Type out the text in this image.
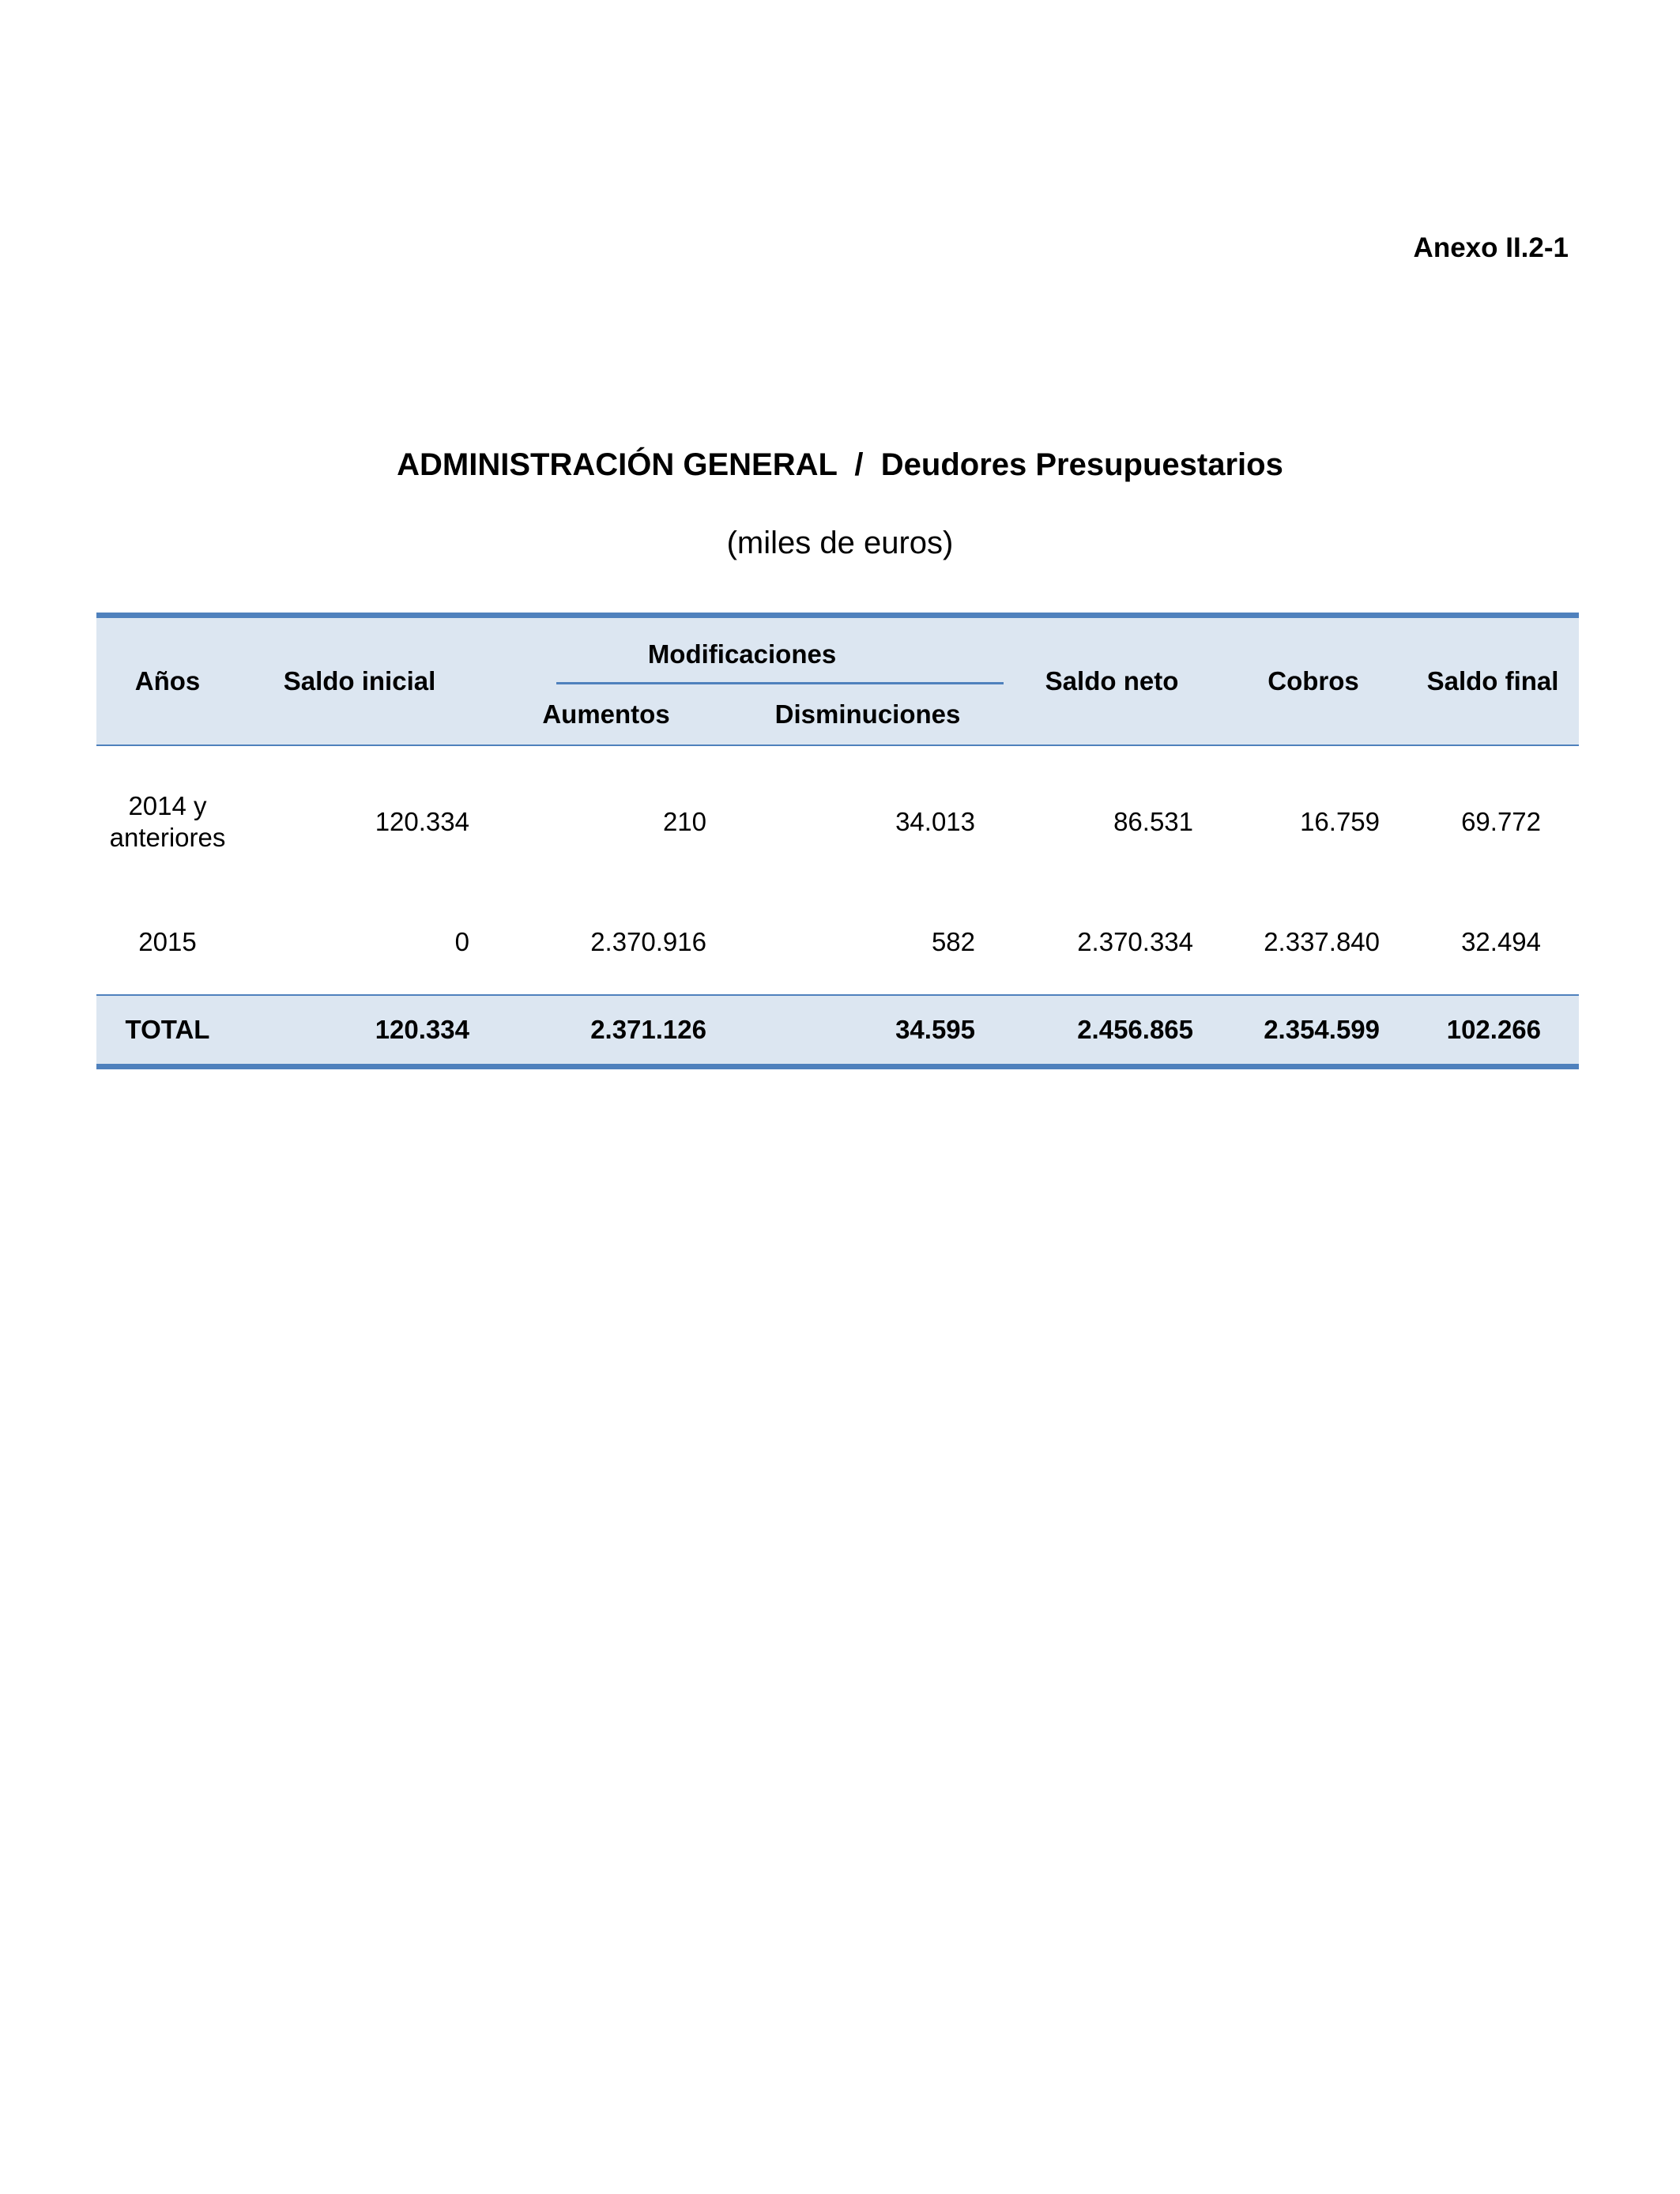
Anexo II.2-1
ADMINISTRACIÓN GENERAL  /  Deudores Presupuestarios
(miles de euros)
Años	Saldo inicial	Modificaciones		Saldo neto	Cobros	Saldo final
		Aumentos	Disminuciones			
2014 y
anteriores	120.334	210	34.013	86.531	16.759	69.772
2015	0	2.370.916	582	2.370.334	2.337.840	32.494
TOTAL	120.334	2.371.126	34.595	2.456.865	2.354.599	102.266
